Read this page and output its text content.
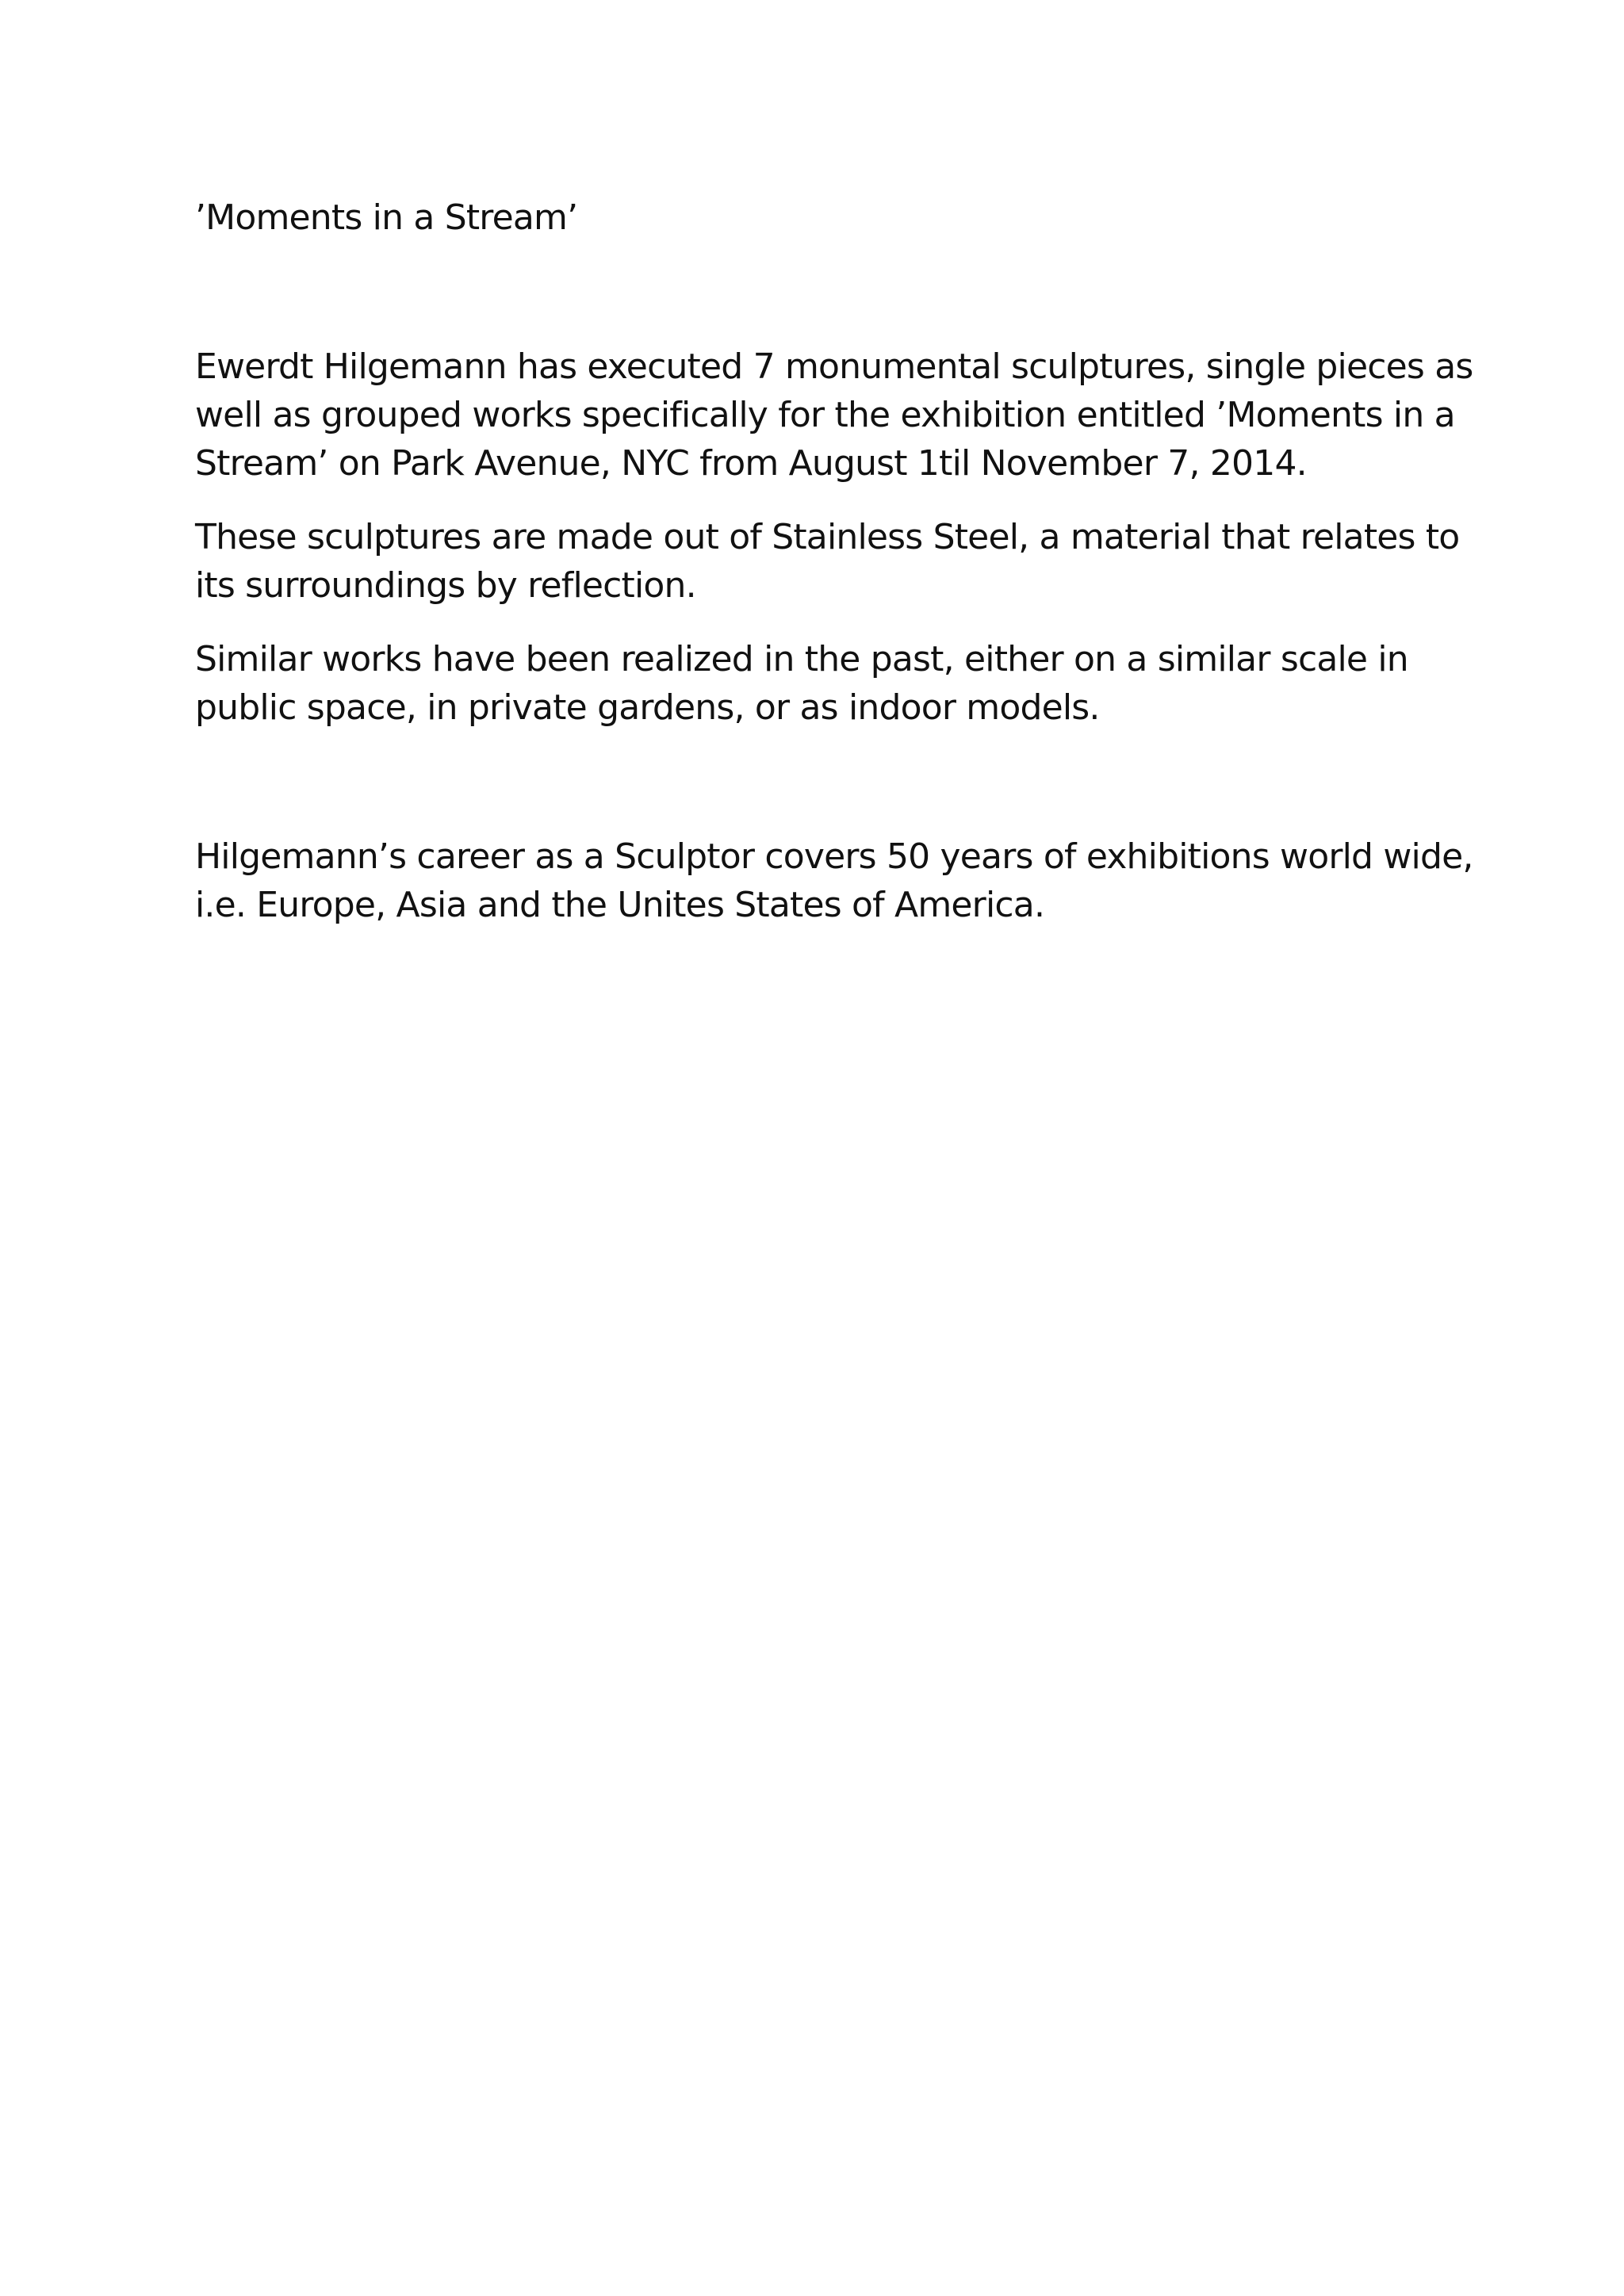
’Moments in a Stream’

Ewerdt Hilgemann has executed 7 monumental sculptures, single pieces as well as grouped works specifically for the exhibition entitled ’Moments in a Stream’ on Park Avenue, NYC from August 1til November 7, 2014.

These sculptures are made out of Stainless Steel, a material that relates to its surroundings by reflection.

Similar works have been realized in the past, either on a similar scale in public space, in private gardens, or as indoor models.

Hilgemann’s career as a Sculptor covers 50 years of exhibitions world wide, i.e. Europe, Asia and the Unites States of America.
